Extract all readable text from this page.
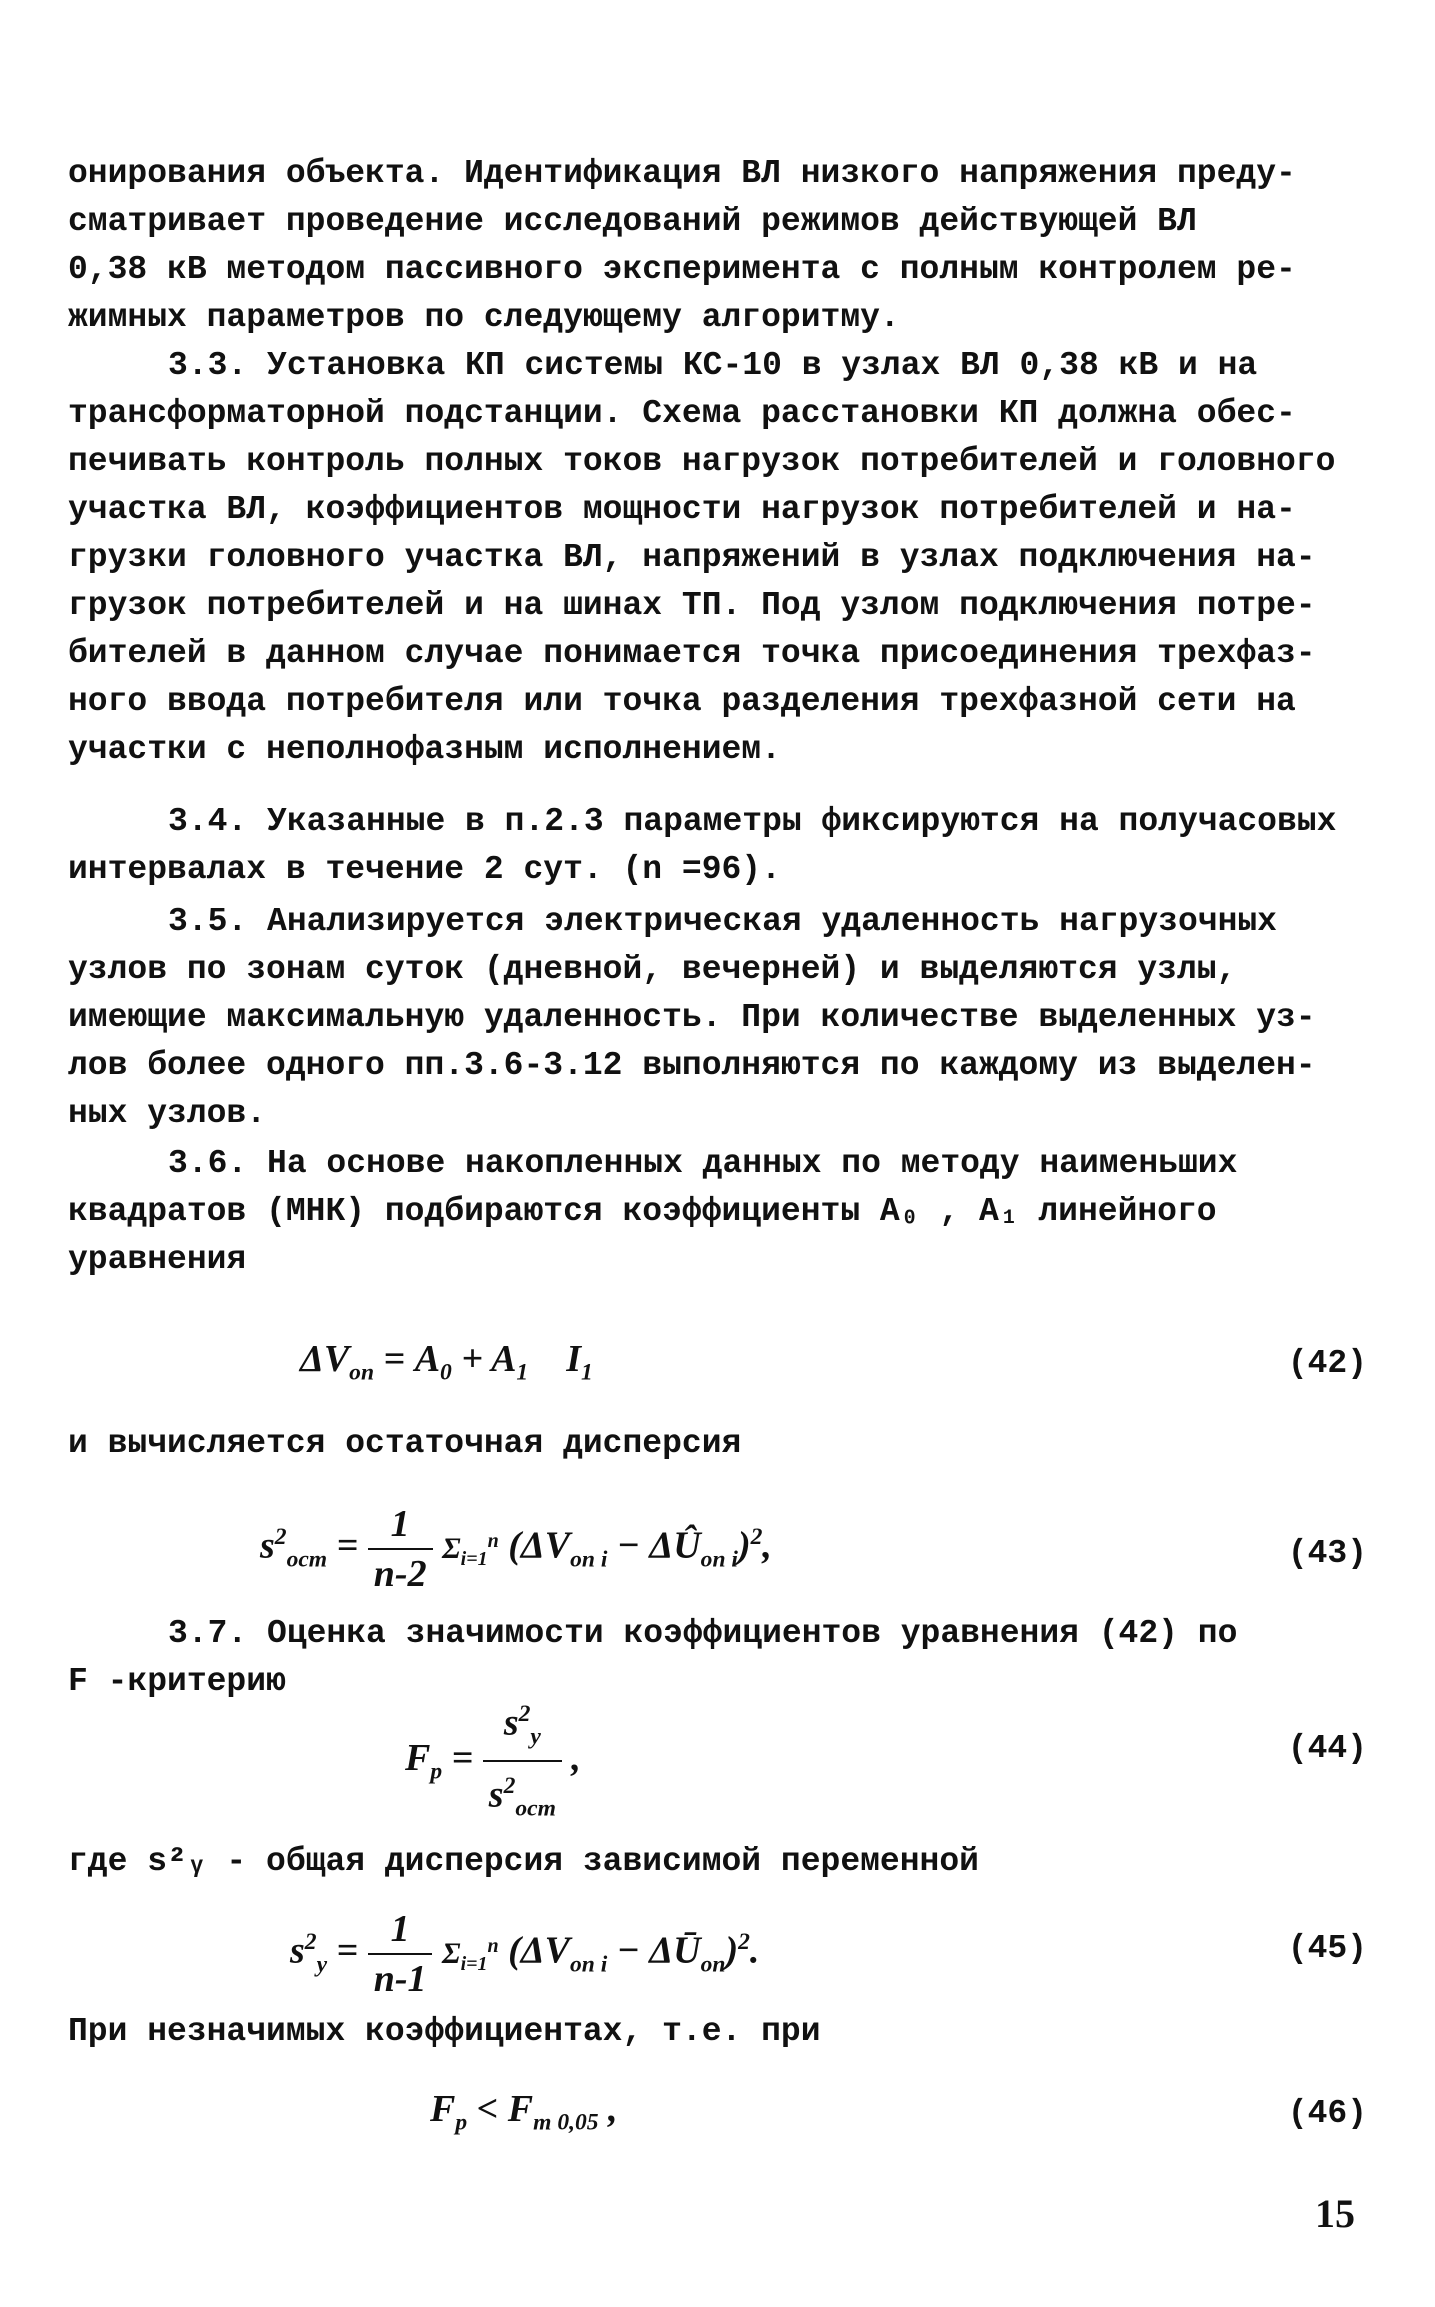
онирования объекта. Идентификация ВЛ низкого напряжения преду-
сматривает проведение исследований режимов действующей ВЛ
0,38 кВ методом пассивного эксперимента с полным контролем ре-
жимных параметров по следующему алгоритму.
3.3. Установка КП системы КС-10 в узлах ВЛ 0,38 кВ и на
трансформаторной подстанции. Схема расстановки КП должна обес-
печивать контроль полных токов нагрузок потребителей и головного
участка ВЛ, коэффициентов мощности нагрузок потребителей и на-
грузки головного участка ВЛ, напряжений в узлах подключения на-
грузок потребителей и на шинах ТП. Под узлом подключения потре-
бителей в данном случае понимается точка присоединения трехфаз-
ного ввода потребителя или точка разделения трехфазной сети на
участки с неполнофазным исполнением.
3.4. Указанные в п.2.3 параметры фиксируются на получасовых
интервалах в течение 2 сут. (n =96).
3.5. Анализируется электрическая удаленность нагрузочных
узлов по зонам суток (дневной, вечерней) и выделяются узлы,
имеющие максимальную удаленность. При количестве выделенных уз-
лов более одного пп.3.6-3.12 выполняются по каждому из выделен-
ных узлов.
3.6. На основе накопленных данных по методу наименьших
квадратов (МНК) подбираются коэффициенты A₀ , A₁ линейного
уравнения
$\Delta V_{оп} = A_0 + A_1$    $I_1$	(42)
и вычисляется остаточная дисперсия
$s^2_{ост} = \frac{1}{n-2} \Sigma_{i=1}^n$ ($\Delta V_{оп i}$ − $\Delta Û_{оп i})^2$,	(43)
3.7. Оценка значимости коэффициентов уравнения (42) по
F -критерию
$F_р = \frac{s^2_y}{s^2_{ост}}$ ,	(44)
где s²ᵧ - общая дисперсия зависимой переменной
$s^2_y = \frac{1}{n-1} \Sigma_{i=1}^n$ ($\Delta V_{оп i}$ − $\Delta Ū_{оп})^2$.	(45)
При незначимых коэффициентах, т.е. при
$F_р < F_{т 0,05}$ ,	(46)
15
